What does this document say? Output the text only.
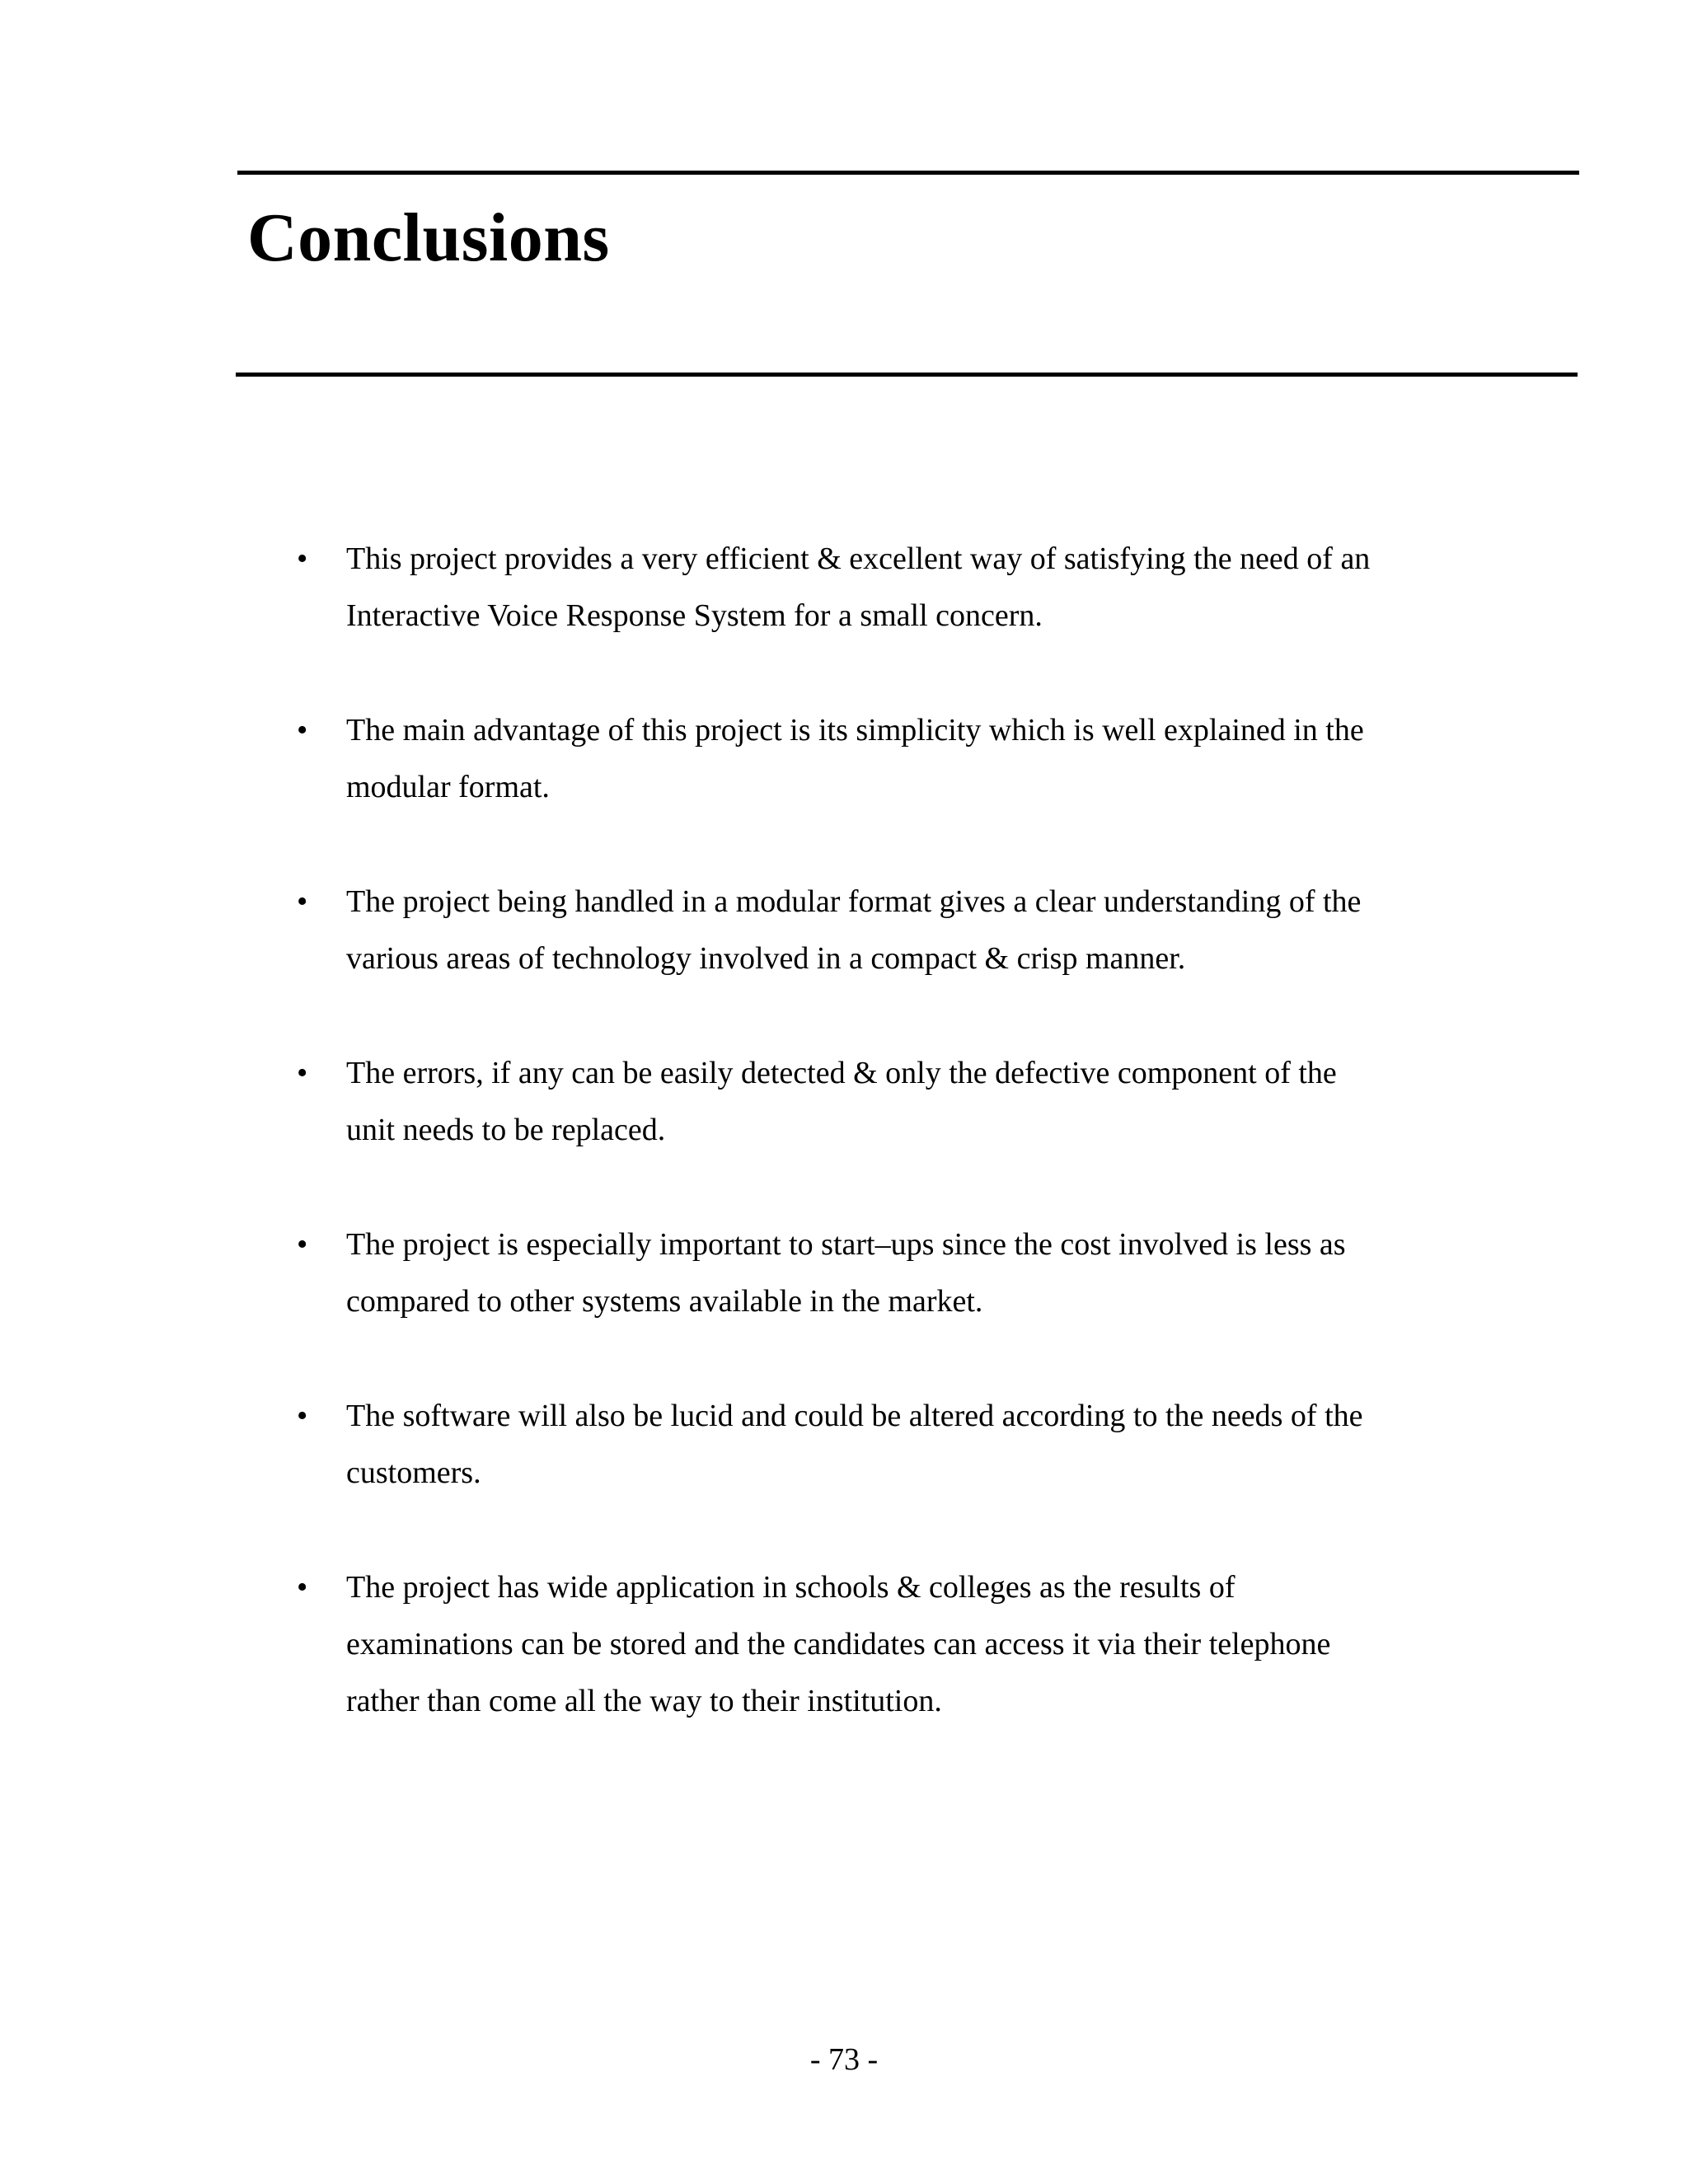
Conclusions
•	This project provides a very efficient & excellent way of satisfying the need of an
Interactive Voice Response System for a small concern.
•	The main advantage of this project is its simplicity which is well explained in the
modular format.
•	The project being handled in a modular format gives a clear understanding of the
various areas of technology involved in a compact & crisp manner.
•	The errors, if any can be easily detected & only the defective component of the
unit needs to be replaced.
•	The project is especially important to start–ups since the cost involved is less as
compared to other systems available in the market.
•	The software will also be lucid and could be altered according to the needs of the
customers.
•	The project has wide application in schools & colleges as the results of
examinations can be stored and the candidates can access it via their telephone
rather than come all the way to their institution.
- 73 -
